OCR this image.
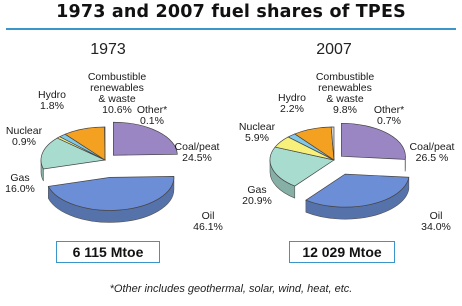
1973 and 2007 fuel shares of TPES
1973
Coal/peat 24.5%
Oil 46.1%
Gas 16.0%
Nuclear 0.9%
Hydro 1.8%
Combustible renewables & waste 10.6% Other* 0.1%
2007
Coal/peat 26.5 %
Oil 34.0%
Gas 20.9%
Nuclear 5.9%
Hydro 2.2%
Combustible renewables & waste 9.8%	Other* 0.7%
6 115 Mtoe	12 029 Mtoe
*Other includes geothermal, solar, wind, heat, etc.
